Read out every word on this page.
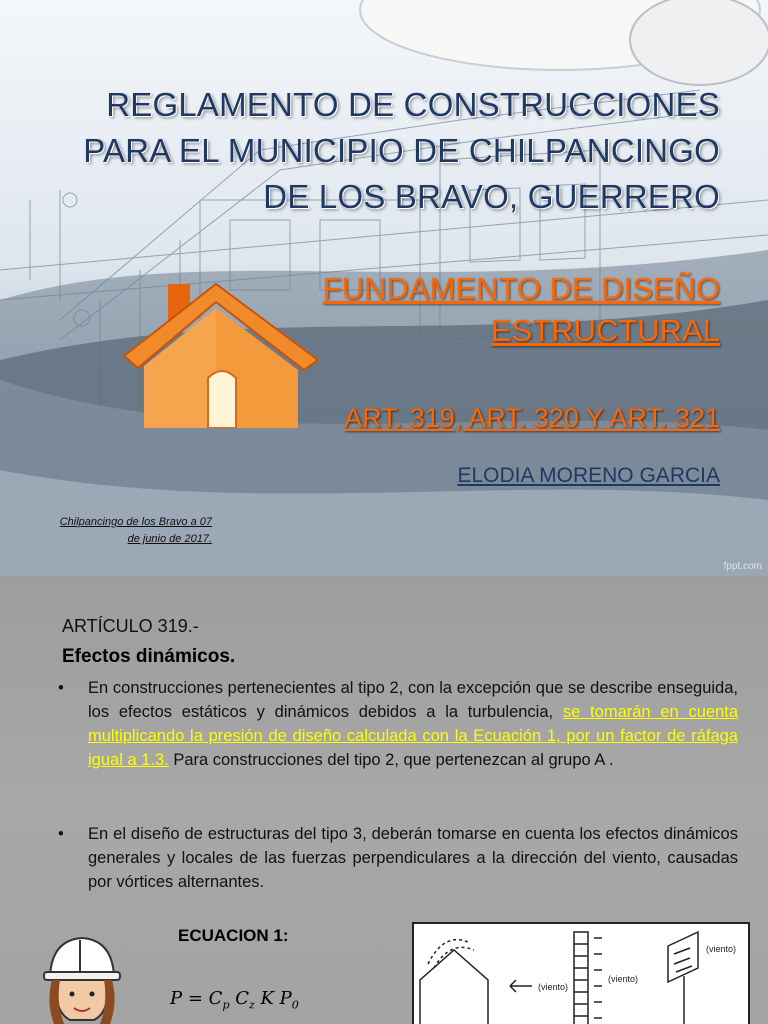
REGLAMENTO DE CONSTRUCCIONES
PARA EL MUNICIPIO DE CHILPANCINGO
DE LOS BRAVO, GUERRERO
FUNDAMENTO DE DISEÑO
ESTRUCTURAL
ART. 319, ART. 320 Y ART. 321
ELODIA MORENO GARCIA
Chilpancingo de los Bravo a 07
de junio de 2017.
fppt.com
ARTÍCULO 319.-
Efectos dinámicos.
•	En construcciones pertenecientes al tipo 2, con la excepción que se describe enseguida, los efectos estáticos y dinámicos debidos a la turbulencia, se tomarán en cuenta multiplicando la presión de diseño calculada con la Ecuación 1, por un factor de ráfaga igual a 1.3. Para construcciones del tipo 2, que pertenezcan al grupo A .
•	En el diseño de estructuras del tipo 3, deberán tomarse en cuenta los efectos dinámicos generales y locales de las fuerzas perpendiculares a la dirección del viento, causadas por vórtices alternantes.
ECUACION 1:
$P = C_p$ $C_z$ K $P_0$
(viento)
(viento)
(viento)
